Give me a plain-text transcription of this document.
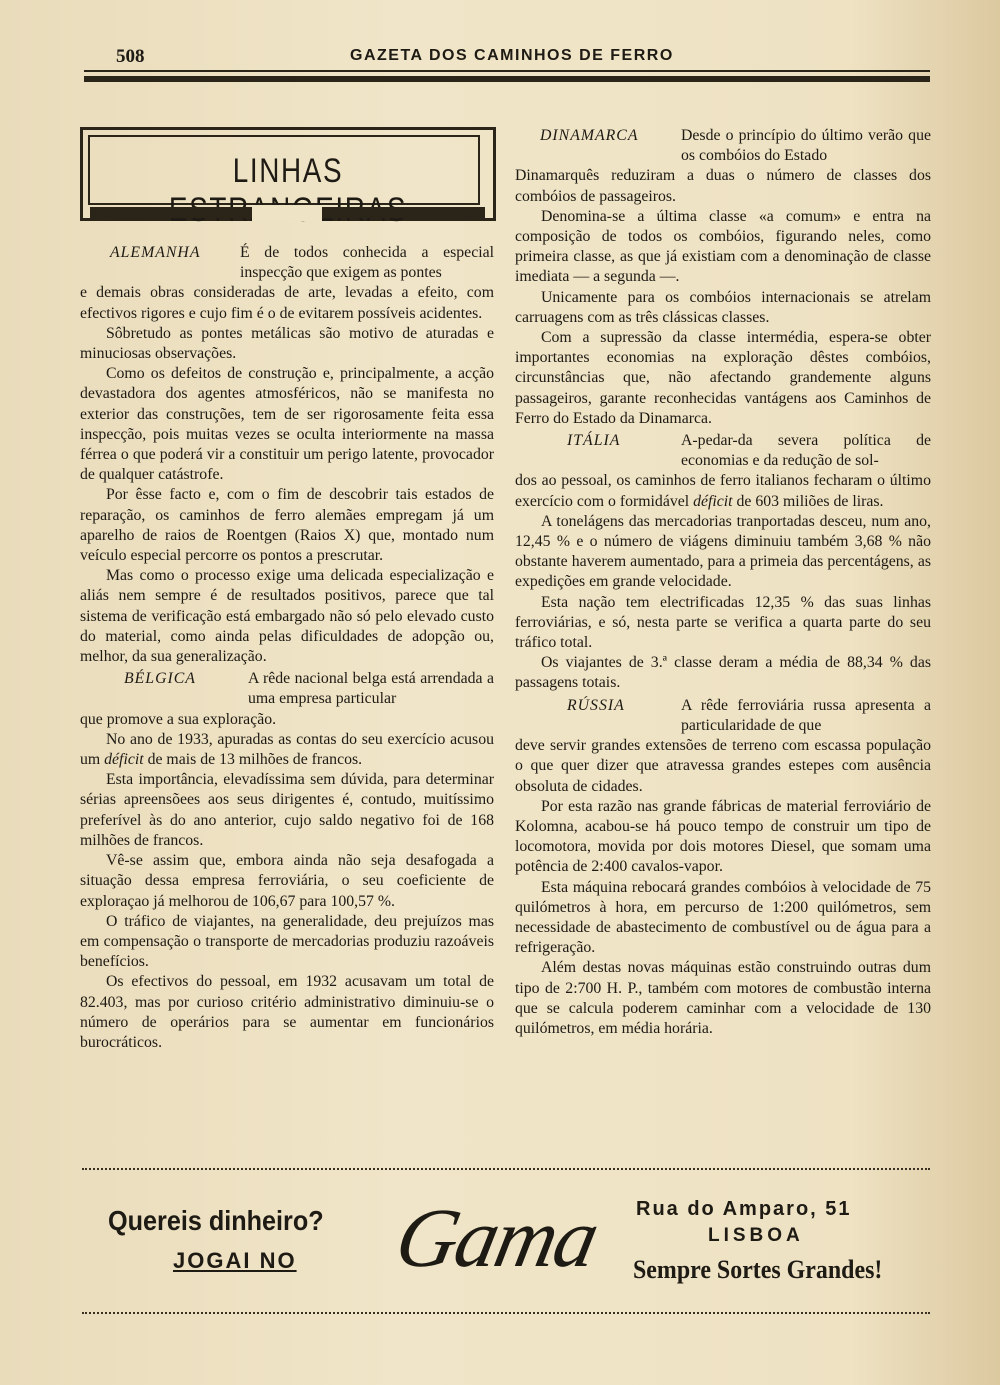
508	GAZETA DOS CAMINHOS DE FERRO
LINHAS
ALEMANHA	É de todos conhecida a especial inspecção que exigem as pontes

e demais obras consideradas de arte, levadas a efeito, com efectivos rigores e cujo fim é o de evitarem possíveis acidentes.

Sôbretudo as pontes metálicas são motivo de aturadas e minuciosas observações.

Como os defeitos de construção e, principalmente, a acção devastadora dos agentes atmosféricos, não se manifesta no exterior das construções, tem de ser rigorosamente feita essa inspecção, pois muitas vezes se oculta interiormente na massa férrea o que poderá vir a constituir um perigo latente, provocador de qualquer catástrofe.

Por êsse facto e, com o fim de descobrir tais estados de reparação, os caminhos de ferro alemães empregam já um aparelho de raios de Roentgen (Raios X) que, montado num veículo especial percorre os pontos a prescrutar.

Mas como o processo exige uma delicada especialização e aliás nem sempre é de resultados positivos, parece que tal sistema de verificação está embargado não só pelo elevado custo do material, como ainda pelas dificuldades de adopção ou, melhor, da sua generalização.

BÉLGICA	A rêde nacional belga está arrendada a uma empresa particular

que promove a sua exploração.

No ano de 1933, apuradas as contas do seu exercício acusou um déficit de mais de 13 milhões de francos.

Esta importância, elevadíssima sem dúvida, para determinar sérias apreensõees aos seus dirigentes é, contudo, muitíssimo preferível às do ano anterior, cujo saldo negativo foi de 168 milhões de francos.

Vê-se assim que, embora ainda não seja desafogada a situação dessa empresa ferroviária, o seu coeficiente de exploraçao já melhorou de 106,67 para 100,57 %.

O tráfico de viajantes, na generalidade, deu prejuízos mas em compensação o transporte de mercadorias produziu razoáveis benefícios.

Os efectivos do pessoal, em 1932 acusavam um total de 82.403, mas por curioso critério administrativo diminuiu-se o número de operários para se aumentar em funcionários burocráticos.

DINAMARCA	Desde o princípio do último verão que os combóios do Estado

Dinamarquês reduziram a duas o número de classes dos combóios de passageiros.

Denomina-se a última classe «a comum» e entra na composição de todos os combóios, figurando neles, como primeira classe, as que já existiam com a denominação de classe imediata — a segunda —.

Unicamente para os combóios internacionais se atrelam carruagens com as três clássicas classes.

Com a supressão da classe intermédia, espera-se obter importantes economias na exploração dêstes combóios, circunstâncias que, não afectando grandemente alguns passageiros, garante reconhecidas vantágens aos Caminhos de Ferro do Estado da Dinamarca.

ITÁLIA	A-pedar-da severa política de economias e da redução de sol-

dos ao pessoal, os caminhos de ferro italianos fecharam o último exercício com o formidável déficit de 603 miliões de liras.

A tonelágens das mercadorias tranportadas desceu, num ano, 12,45 % e o número de viágens diminuiu também 3,68 % não obstante haverem aumentado, para a primeia das percentágens, as expedições em grande velocidade.

Esta nação tem electrificadas 12,35 % das suas linhas ferroviárias, e só, nesta parte se verifica a quarta parte do seu tráfico total.

Os viajantes de 3.ª classe deram a média de 88,34 % das passagens totais.

RÚSSIA	A rêde ferroviária russa apresenta a particularidade de que

deve servir grandes extensões de terreno com escassa população o que quer dizer que atravessa grandes estepes com ausência obsoluta de cidades.

Por esta razão nas grande fábricas de material ferroviário de Kolomna, acabou-se há pouco tempo de construir um tipo de locomotora, movida por dois motores Diesel, que somam uma potência de 2:400 cavalos-vapor.

Esta máquina rebocará grandes combóios à velocidade de 75 quilómetros à hora, em percurso de 1:200 quilómetros, sem necessidade de abastecimento de combustível ou de água para a refrigeração.

Além destas novas máquinas estão construindo outras dum tipo de 2:700 H. P., também com motores de combustão interna que se calcula poderem caminhar com a velocidade de 130 quilómetros, em média horária.

Quereis dinheiro?
JOGAI NO Gama Rua do Amparo, 51
LISBOA
Sempre Sortes Grandes!
